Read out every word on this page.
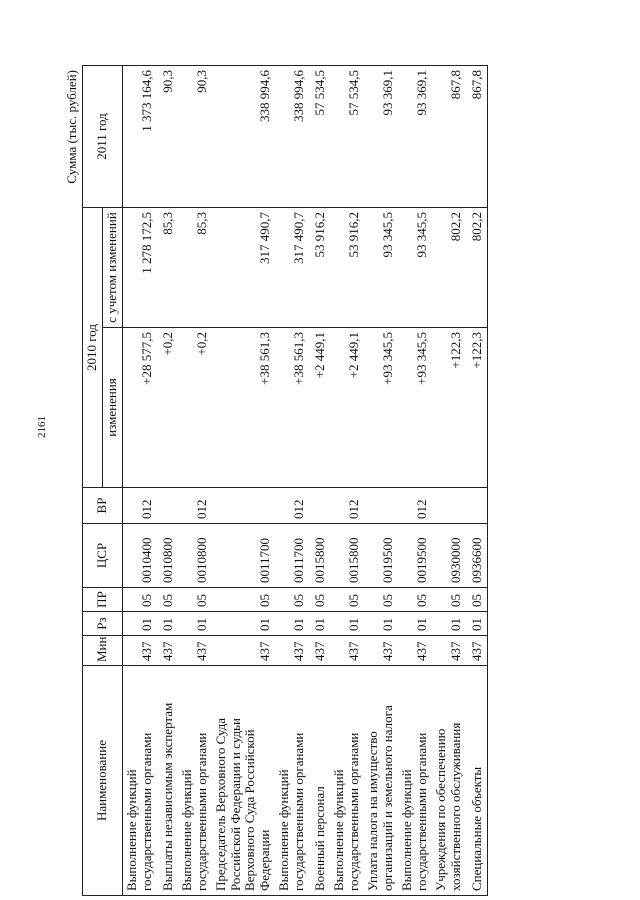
2161
Сумма (тыс. рублей)
Наименование	Мин	Рз	ПР	ЦСР	ВР	2010 год		2011 год
						изменения	с учетом изменений	

Выполнение функций государственными органами	437	01	05	0010400	012	+28 577,5	1 278 172,5	1 373 164,6
Выплаты независимым экспертам	437	01	05	0010800		+0,2	85,3	90,3
Выполнение функций государственными органами	437	01	05	0010800	012	+0,2	85,3	90,3
Председатель Верховного Суда Российской Федерации и судьи Верховного Суда Российской Федерации	437	01	05	0011700		+38 561,3	317 490,7	338 994,6
Выполнение функций государственными органами	437	01	05	0011700	012	+38 561,3	317 490,7	338 994,6
Военный персонал	437	01	05	0015800		+2 449,1	53 916,2	57 534,5
Выполнение функций государственными органами	437	01	05	0015800	012	+2 449,1	53 916,2	57 534,5
Уплата налога на имущество организаций и земельного налога	437	01	05	0019500		+93 345,5	93 345,5	93 369,1
Выполнение функций государственными органами	437	01	05	0019500	012	+93 345,5	93 345,5	93 369,1
Учреждения по обеспечению хозяйственного обслуживания	437	01	05	0930000		+122,3	802,2	867,8
Специальные объекты	437	01	05	0936600		+122,3	802,2	867,8
